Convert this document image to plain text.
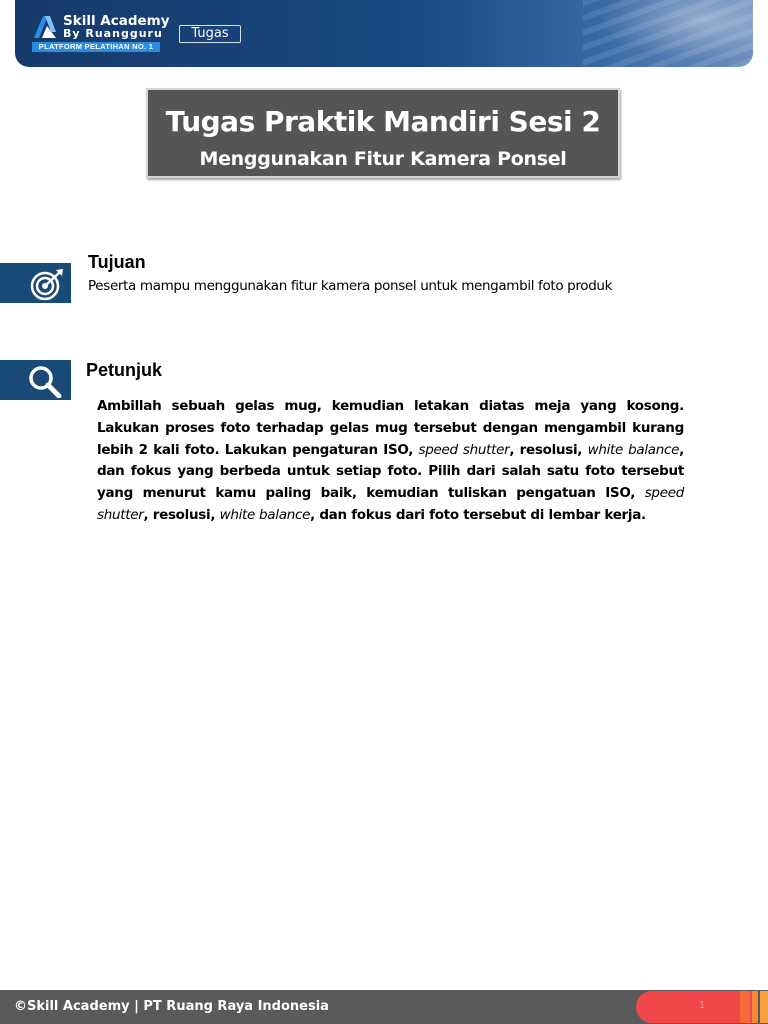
Skill Academy
By Ruangguru
PLATFORM PELATIHAN NO. 1
Tugas
Tugas Praktik Mandiri Sesi 2
Menggunakan Fitur Kamera Ponsel
Tujuan
Peserta mampu menggunakan fitur kamera ponsel untuk mengambil foto produk
Petunjuk
Ambillah sebuah gelas mug, kemudian letakan diatas meja yang kosong. Lakukan proses foto terhadap gelas mug tersebut dengan mengambil kurang lebih 2 kali foto. Lakukan pengaturan ISO, speed shutter, resolusi, white balance, dan fokus yang berbeda untuk setiap foto. Pilih dari salah satu foto tersebut yang menurut kamu paling baik, kemudian tuliskan pengatuan ISO, speed shutter, resolusi, white balance, dan fokus dari foto tersebut di lembar kerja.
©Skill Academy | PT Ruang Raya Indonesia	1
